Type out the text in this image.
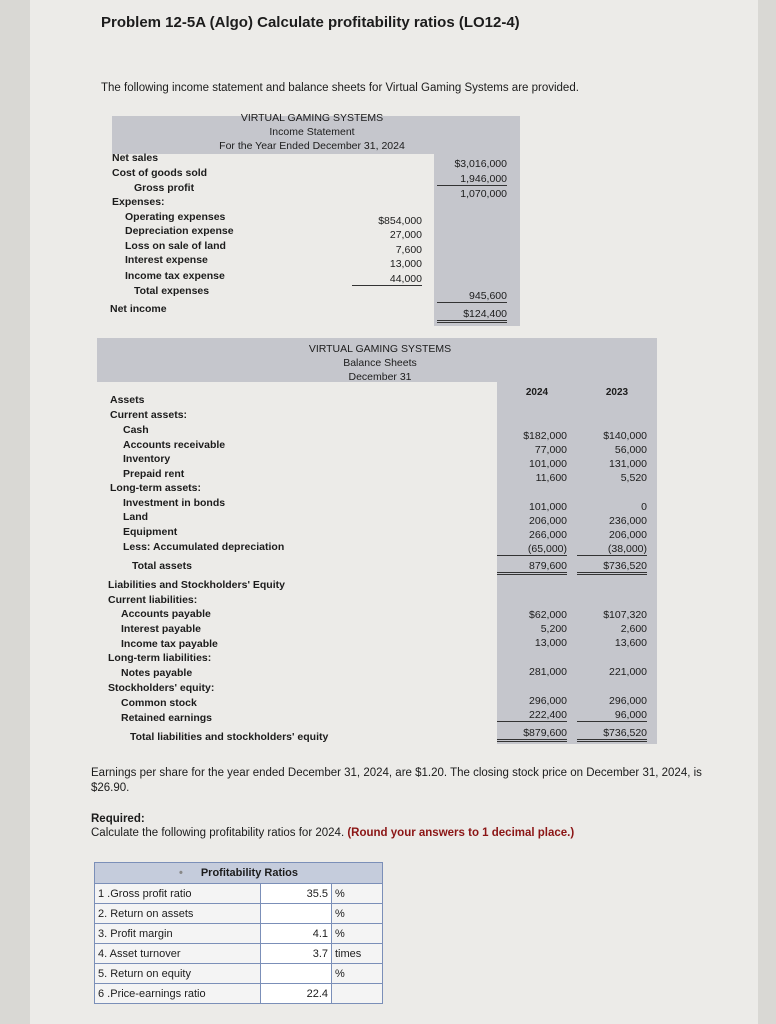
Problem 12-5A (Algo) Calculate profitability ratios (LO12-4)
The following income statement and balance sheets for Virtual Gaming Systems are provided.
VIRTUAL GAMING SYSTEMS
Income Statement
For the Year Ended December 31, 2024
Net sales	$3,016,000
Cost of goods sold	1,946,000
Gross profit	1,070,000
Expenses:
Operating expenses	$854,000
Depreciation expense	27,000
Loss on sale of land	7,600
Interest expense	13,000
Income tax expense	44,000
Total expenses	945,600
Net income	$124,400
VIRTUAL GAMING SYSTEMS
Balance Sheets
December 31
2024	2023
Assets
Current assets:
Cash	$182,000	$140,000
Accounts receivable	77,000	56,000
Inventory	101,000	131,000
Prepaid rent	11,600	5,520
Long-term assets:
Investment in bonds	101,000	0
Land	206,000	236,000
Equipment	266,000	206,000
Less: Accumulated depreciation	(65,000)	(38,000)
Total assets	879,600	$736,520
Liabilities and Stockholders' Equity
Current liabilities:
Accounts payable	$62,000	$107,320
Interest payable	5,200	2,600
Income tax payable	13,000	13,600
Long-term liabilities:
Notes payable	281,000	221,000
Stockholders' equity:
Common stock	296,000	296,000
Retained earnings	222,400	96,000
Total liabilities and stockholders' equity	$879,600	$736,520
Earnings per share for the year ended December 31, 2024, are $1.20. The closing stock price on December 31, 2024, is $26.90.
Required:
Calculate the following profitability ratios for 2024. (Round your answers to 1 decimal place.)
• Profitability Ratios		
1 .Gross profit ratio	35.5	%
2. Return on assets		%
3. Profit margin	4.1	%
4. Asset turnover	3.7	times
5. Return on equity		%
6 .Price-earnings ratio	22.4	
